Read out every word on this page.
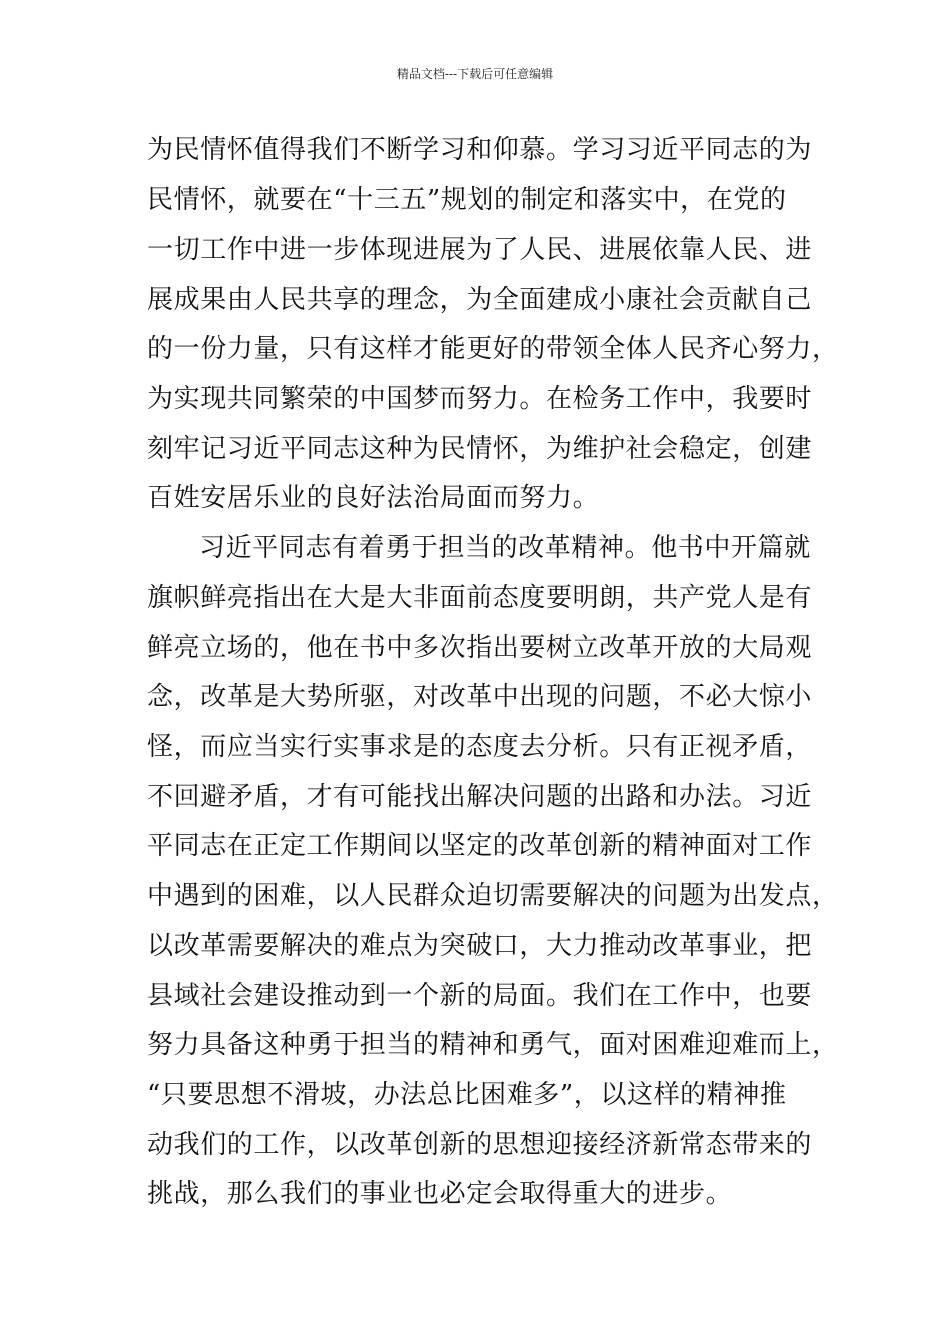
精品文档---下载后可任意编辑
为民情怀值得我们不断学习和仰慕。学习习近平同志的为
民情怀，就要在“十三五”规划的制定和落实中，在党的
一切工作中进一步体现进展为了人民、进展依靠人民、进
展成果由人民共享的理念，为全面建成小康社会贡献自己
的一份力量，只有这样才能更好的带领全体人民齐心努力，
为实现共同繁荣的中国梦而努力。在检务工作中，我要时
刻牢记习近平同志这种为民情怀，为维护社会稳定，创建
百姓安居乐业的良好法治局面而努力。
习近平同志有着勇于担当的改革精神。他书中开篇就
旗帜鲜亮指出在大是大非面前态度要明朗，共产党人是有
鲜亮立场的，他在书中多次指出要树立改革开放的大局观
念，改革是大势所驱，对改革中出现的问题，不必大惊小
怪，而应当实行实事求是的态度去分析。只有正视矛盾，
不回避矛盾，才有可能找出解决问题的出路和办法。习近
平同志在正定工作期间以坚定的改革创新的精神面对工作
中遇到的困难，以人民群众迫切需要解决的问题为出发点，
以改革需要解决的难点为突破口，大力推动改革事业，把
县域社会建设推动到一个新的局面。我们在工作中，也要
努力具备这种勇于担当的精神和勇气，面对困难迎难而上，
“只要思想不滑坡，办法总比困难多”，以这样的精神推
动我们的工作，以改革创新的思想迎接经济新常态带来的
挑战，那么我们的事业也必定会取得重大的进步。
